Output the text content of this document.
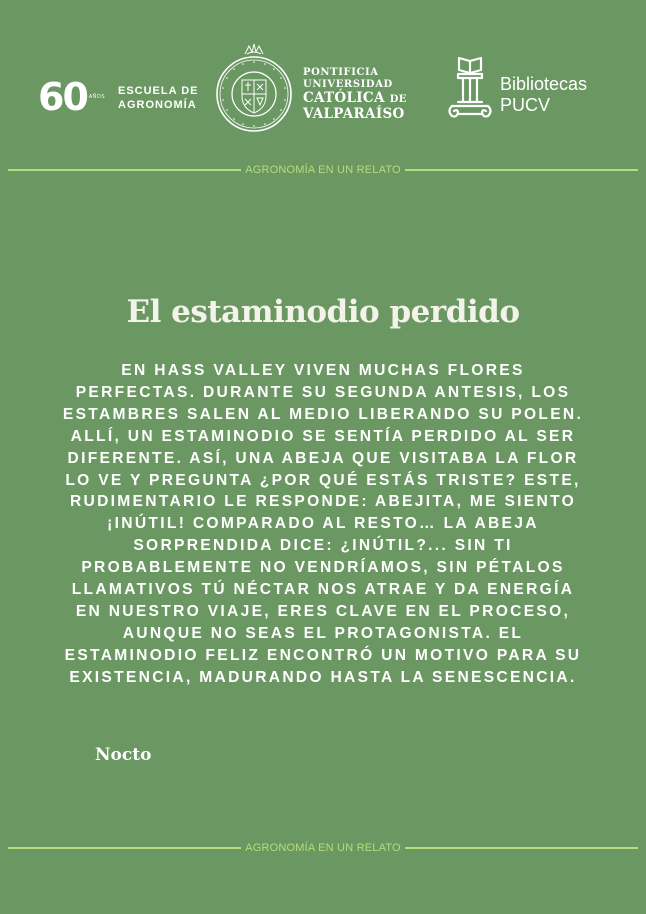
60 AÑOS ESCUELA DE
AGRONOMÍA
PONTIFICIA
UNIVERSIDAD
CATÓLICA DE
VALPARAÍSO
Bibliotecas
PUCV
AGRONOMÍA EN UN RELATO
El estaminodio perdido
EN HASS VALLEY VIVEN MUCHAS FLORES PERFECTAS. DURANTE SU SEGUNDA ANTESIS, LOS ESTAMBRES SALEN AL MEDIO LIBERANDO SU POLEN. ALLÍ, UN ESTAMINODIO SE SENTÍA PERDIDO AL SER DIFERENTE. ASÍ, UNA ABEJA QUE VISITABA LA FLOR LO VE Y PREGUNTA ¿POR QUÉ ESTÁS TRISTE? ESTE, RUDIMENTARIO LE RESPONDE: ABEJITA, ME SIENTO ¡INÚTIL! COMPARADO AL RESTO… LA ABEJA SORPRENDIDA DICE: ¿INÚTIL?... SIN TI PROBABLEMENTE NO VENDRÍAMOS, SIN PÉTALOS LLAMATIVOS TÚ NÉCTAR NOS ATRAE Y DA ENERGÍA EN NUESTRO VIAJE, ERES CLAVE EN EL PROCESO, AUNQUE NO SEAS EL PROTAGONISTA. EL ESTAMINODIO FELIZ ENCONTRÓ UN MOTIVO PARA SU EXISTENCIA, MADURANDO HASTA LA SENESCENCIA.
Nocto
AGRONOMÍA EN UN RELATO
